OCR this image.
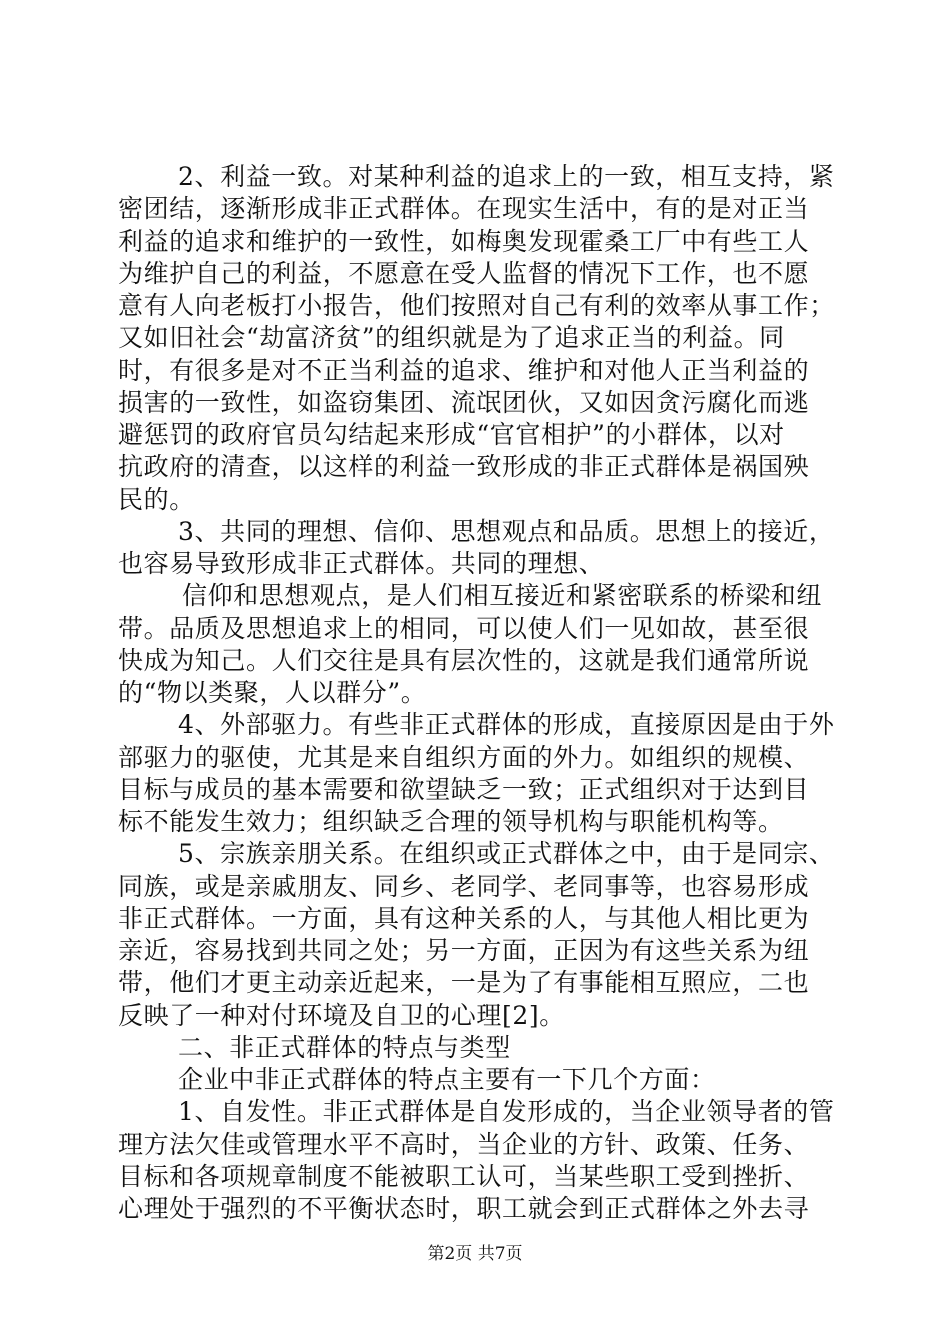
2、利益一致。对某种利益的追求上的一致，相互支持，紧
密团结，逐渐形成非正式群体。在现实生活中，有的是对正当
利益的追求和维护的一致性，如梅奥发现霍桑工厂中有些工人
为维护自己的利益，不愿意在受人监督的情况下工作，也不愿
意有人向老板打小报告，他们按照对自己有利的效率从事工作；
又如旧社会“劫富济贫”的组织就是为了追求正当的利益。同
时，有很多是对不正当利益的追求、维护和对他人正当利益的
损害的一致性，如盗窃集团、流氓团伙，又如因贪污腐化而逃
避惩罚的政府官员勾结起来形成“官官相护”的小群体，以对
抗政府的清查，以这样的利益一致形成的非正式群体是祸国殃
民的。
3、共同的理想、信仰、思想观点和品质。思想上的接近，
也容易导致形成非正式群体。共同的理想、
信仰和思想观点，是人们相互接近和紧密联系的桥梁和纽
带。品质及思想追求上的相同，可以使人们一见如故，甚至很
快成为知己。人们交往是具有层次性的，这就是我们通常所说
的“物以类聚，人以群分”。
4、外部驱力。有些非正式群体的形成，直接原因是由于外
部驱力的驱使，尤其是来自组织方面的外力。如组织的规模、
目标与成员的基本需要和欲望缺乏一致；正式组织对于达到目
标不能发生效力；组织缺乏合理的领导机构与职能机构等。
5、宗族亲朋关系。在组织或正式群体之中，由于是同宗、
同族，或是亲戚朋友、同乡、老同学、老同事等，也容易形成
非正式群体。一方面，具有这种关系的人，与其他人相比更为
亲近，容易找到共同之处；另一方面，正因为有这些关系为纽
带，他们才更主动亲近起来，一是为了有事能相互照应，二也
反映了一种对付环境及自卫的心理[2]。
二、非正式群体的特点与类型
企业中非正式群体的特点主要有一下几个方面：
1、自发性。非正式群体是自发形成的，当企业领导者的管
理方法欠佳或管理水平不高时，当企业的方针、政策、任务、
目标和各项规章制度不能被职工认可，当某些职工受到挫折、
心理处于强烈的不平衡状态时，职工就会到正式群体之外去寻
第2页 共7页
